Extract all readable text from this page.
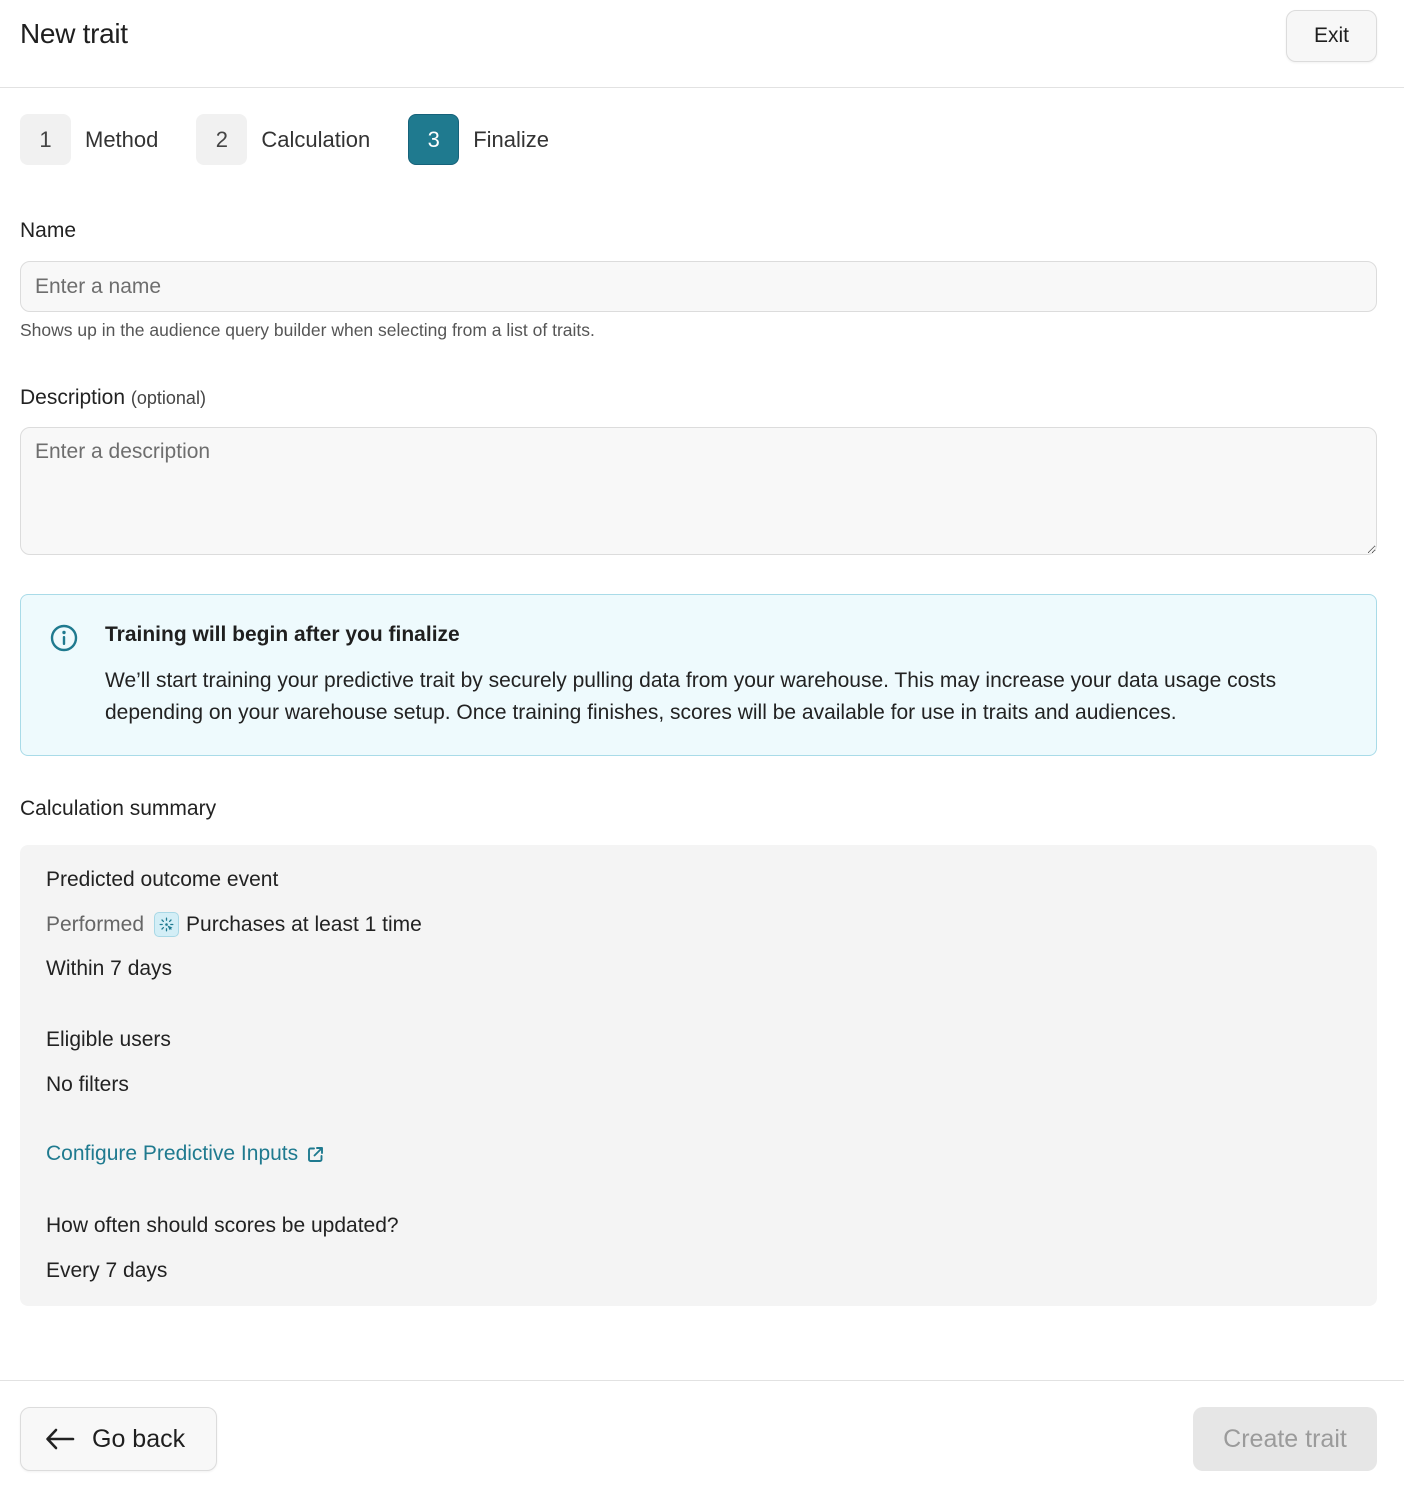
New trait	Exit
1	Method	2	Calculation	3	Finalize
Name
Enter a name
Shows up in the audience query builder when selecting from a list of traits.
Description (optional)
Enter a description
Training will begin after you finalize
We’ll start training your predictive trait by securely pulling data from your warehouse. This may increase your data usage costs depending on your warehouse setup. Once training finishes, scores will be available for use in traits and audiences.
Calculation summary
Predicted outcome event
Performed Purchases at least 1 time
Within 7 days
Eligible users
No filters
Configure Predictive Inputs
How often should scores be updated?
Every 7 days
Go back	Create trait
